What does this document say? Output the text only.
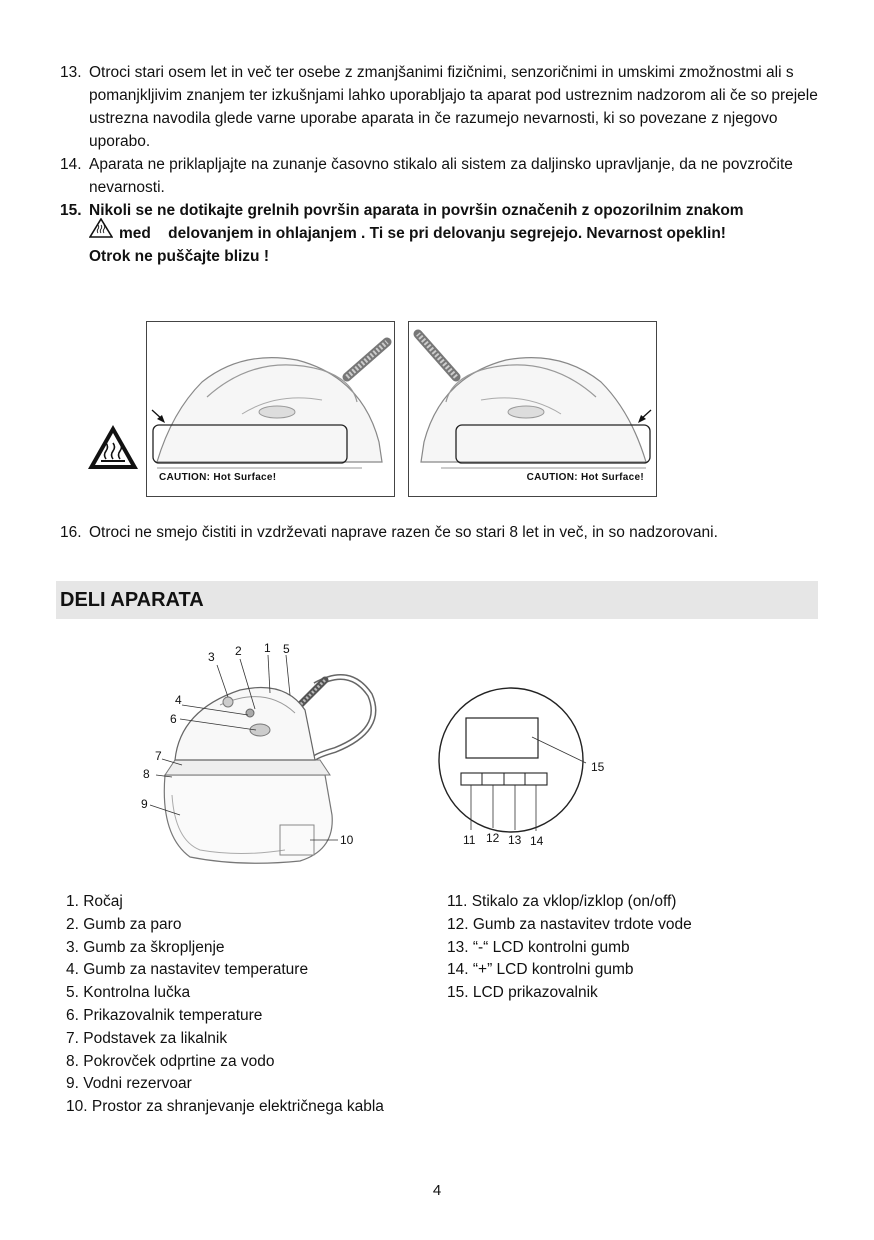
13. Otroci stari osem let in več ter osebe z zmanjšanimi fizičnimi, senzoričnimi in umskimi zmožnostmi ali s pomanjkljivim znanjem ter izkušnjami lahko uporabljajo ta aparat pod ustreznim nadzorom ali če so prejele ustrezna navodila glede varne uporabe aparata in če razumejo nevarnosti, ki so povezane z njegovo uporabo.
14. Aparata ne priklapljajte na zunanje časovno stikalo ali sistem za daljinsko upravljanje, da ne povzročite nevarnosti.
15. Nikoli se ne dotikajte grelnih površin aparata in površin označenih z opozorilnim znakom
med    delovanjem in ohlajanjem . Ti se pri delovanju segrejejo. Nevarnost opeklin!
Otrok ne puščajte blizu !
CAUTION: Hot Surface!	CAUTION: Hot Surface!
16. Otroci ne smejo čistiti in vzdrževati naprave razen če so stari 8 let in več, in so nadzorovani.
DELI APARATA
3 2 1 5
4
6
7
8
9
10
15
11 12 13 14
1. Ročaj
2. Gumb za paro
3. Gumb za škropljenje
4. Gumb za nastavitev temperature
5. Kontrolna lučka
6. Prikazovalnik temperature
7. Podstavek za likalnik
8. Pokrovček odprtine za vodo
9. Vodni rezervoar
10. Prostor za shranjevanje električnega kabla
11. Stikalo za vklop/izklop (on/off)
12. Gumb za nastavitev trdote vode
13. “-“ LCD kontrolni gumb
14. “+” LCD kontrolni gumb
15. LCD prikazovalnik
4
